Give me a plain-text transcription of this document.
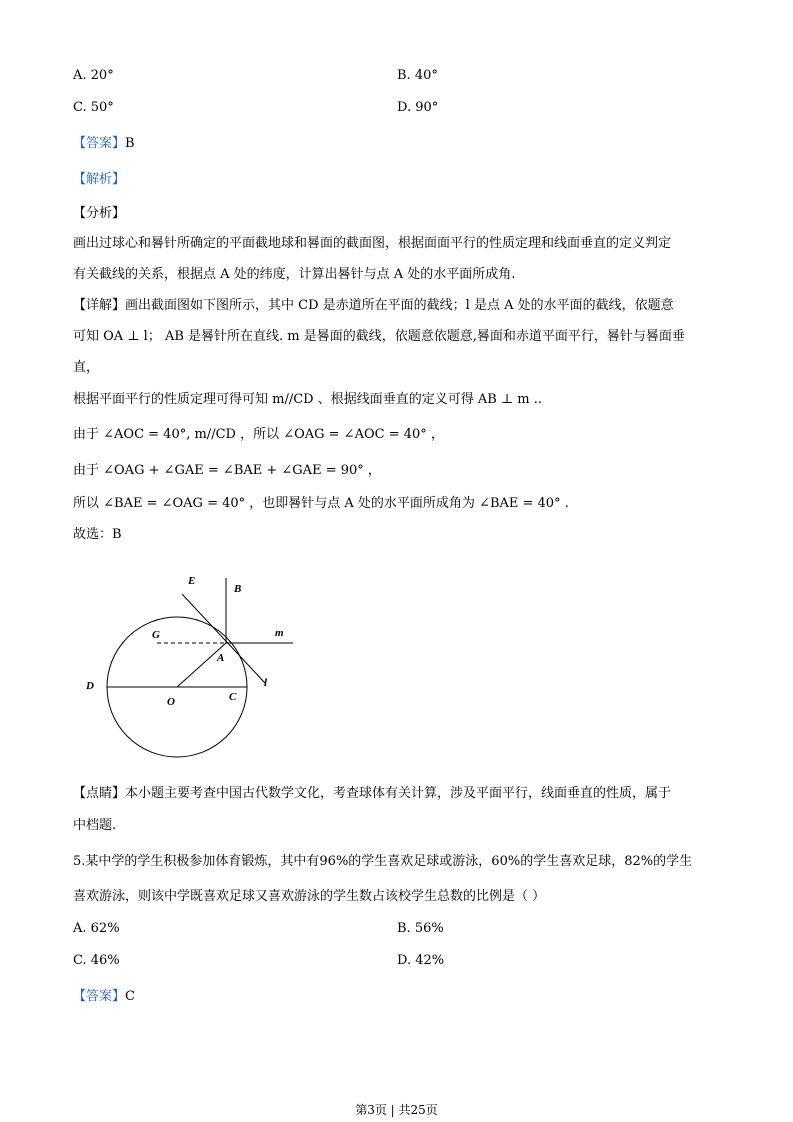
A. 20°	B. 40°
C. 50°	D. 90°
【答案】B
【解析】
【分析】
画出过球心和晷针所确定的平面截地球和晷面的截面图，根据面面平行的性质定理和线面垂直的定义判定
有关截线的关系，根据点 A 处的纬度，计算出晷针与点 A 处的水平面所成角.
【详解】画出截面图如下图所示，其中 CD 是赤道所在平面的截线；l 是点 A 处的水平面的截线，依题意
可知 OA ⊥ l； AB 是晷针所在直线. m 是晷面的截线，依题意依题意,晷面和赤道平面平行，晷针与晷面垂
直，
根据平面平行的性质定理可得可知 m//CD 、根据线面垂直的定义可得 AB ⊥ m ..
由于 ∠AOC = 40°, m//CD ，所以 ∠OAG = ∠AOC = 40° ，
由于 ∠OAG + ∠GAE = ∠BAE + ∠GAE = 90° ，
所以 ∠BAE = ∠OAG = 40° ，也即晷针与点 A 处的水平面所成角为 ∠BAE = 40° .
故选：B
E
B
G	m
A
D
O	C
l
【点睛】本小题主要考查中国古代数学文化，考查球体有关计算，涉及平面平行，线面垂直的性质，属于
中档题.
5.某中学的学生积极参加体育锻炼，其中有96%的学生喜欢足球或游泳，60%的学生喜欢足球，82%的学生
喜欢游泳，则该中学既喜欢足球又喜欢游泳的学生数占该校学生总数的比例是（ ）
A. 62%	B. 56%
C. 46%	D. 42%
【答案】C
第3页 | 共25页
